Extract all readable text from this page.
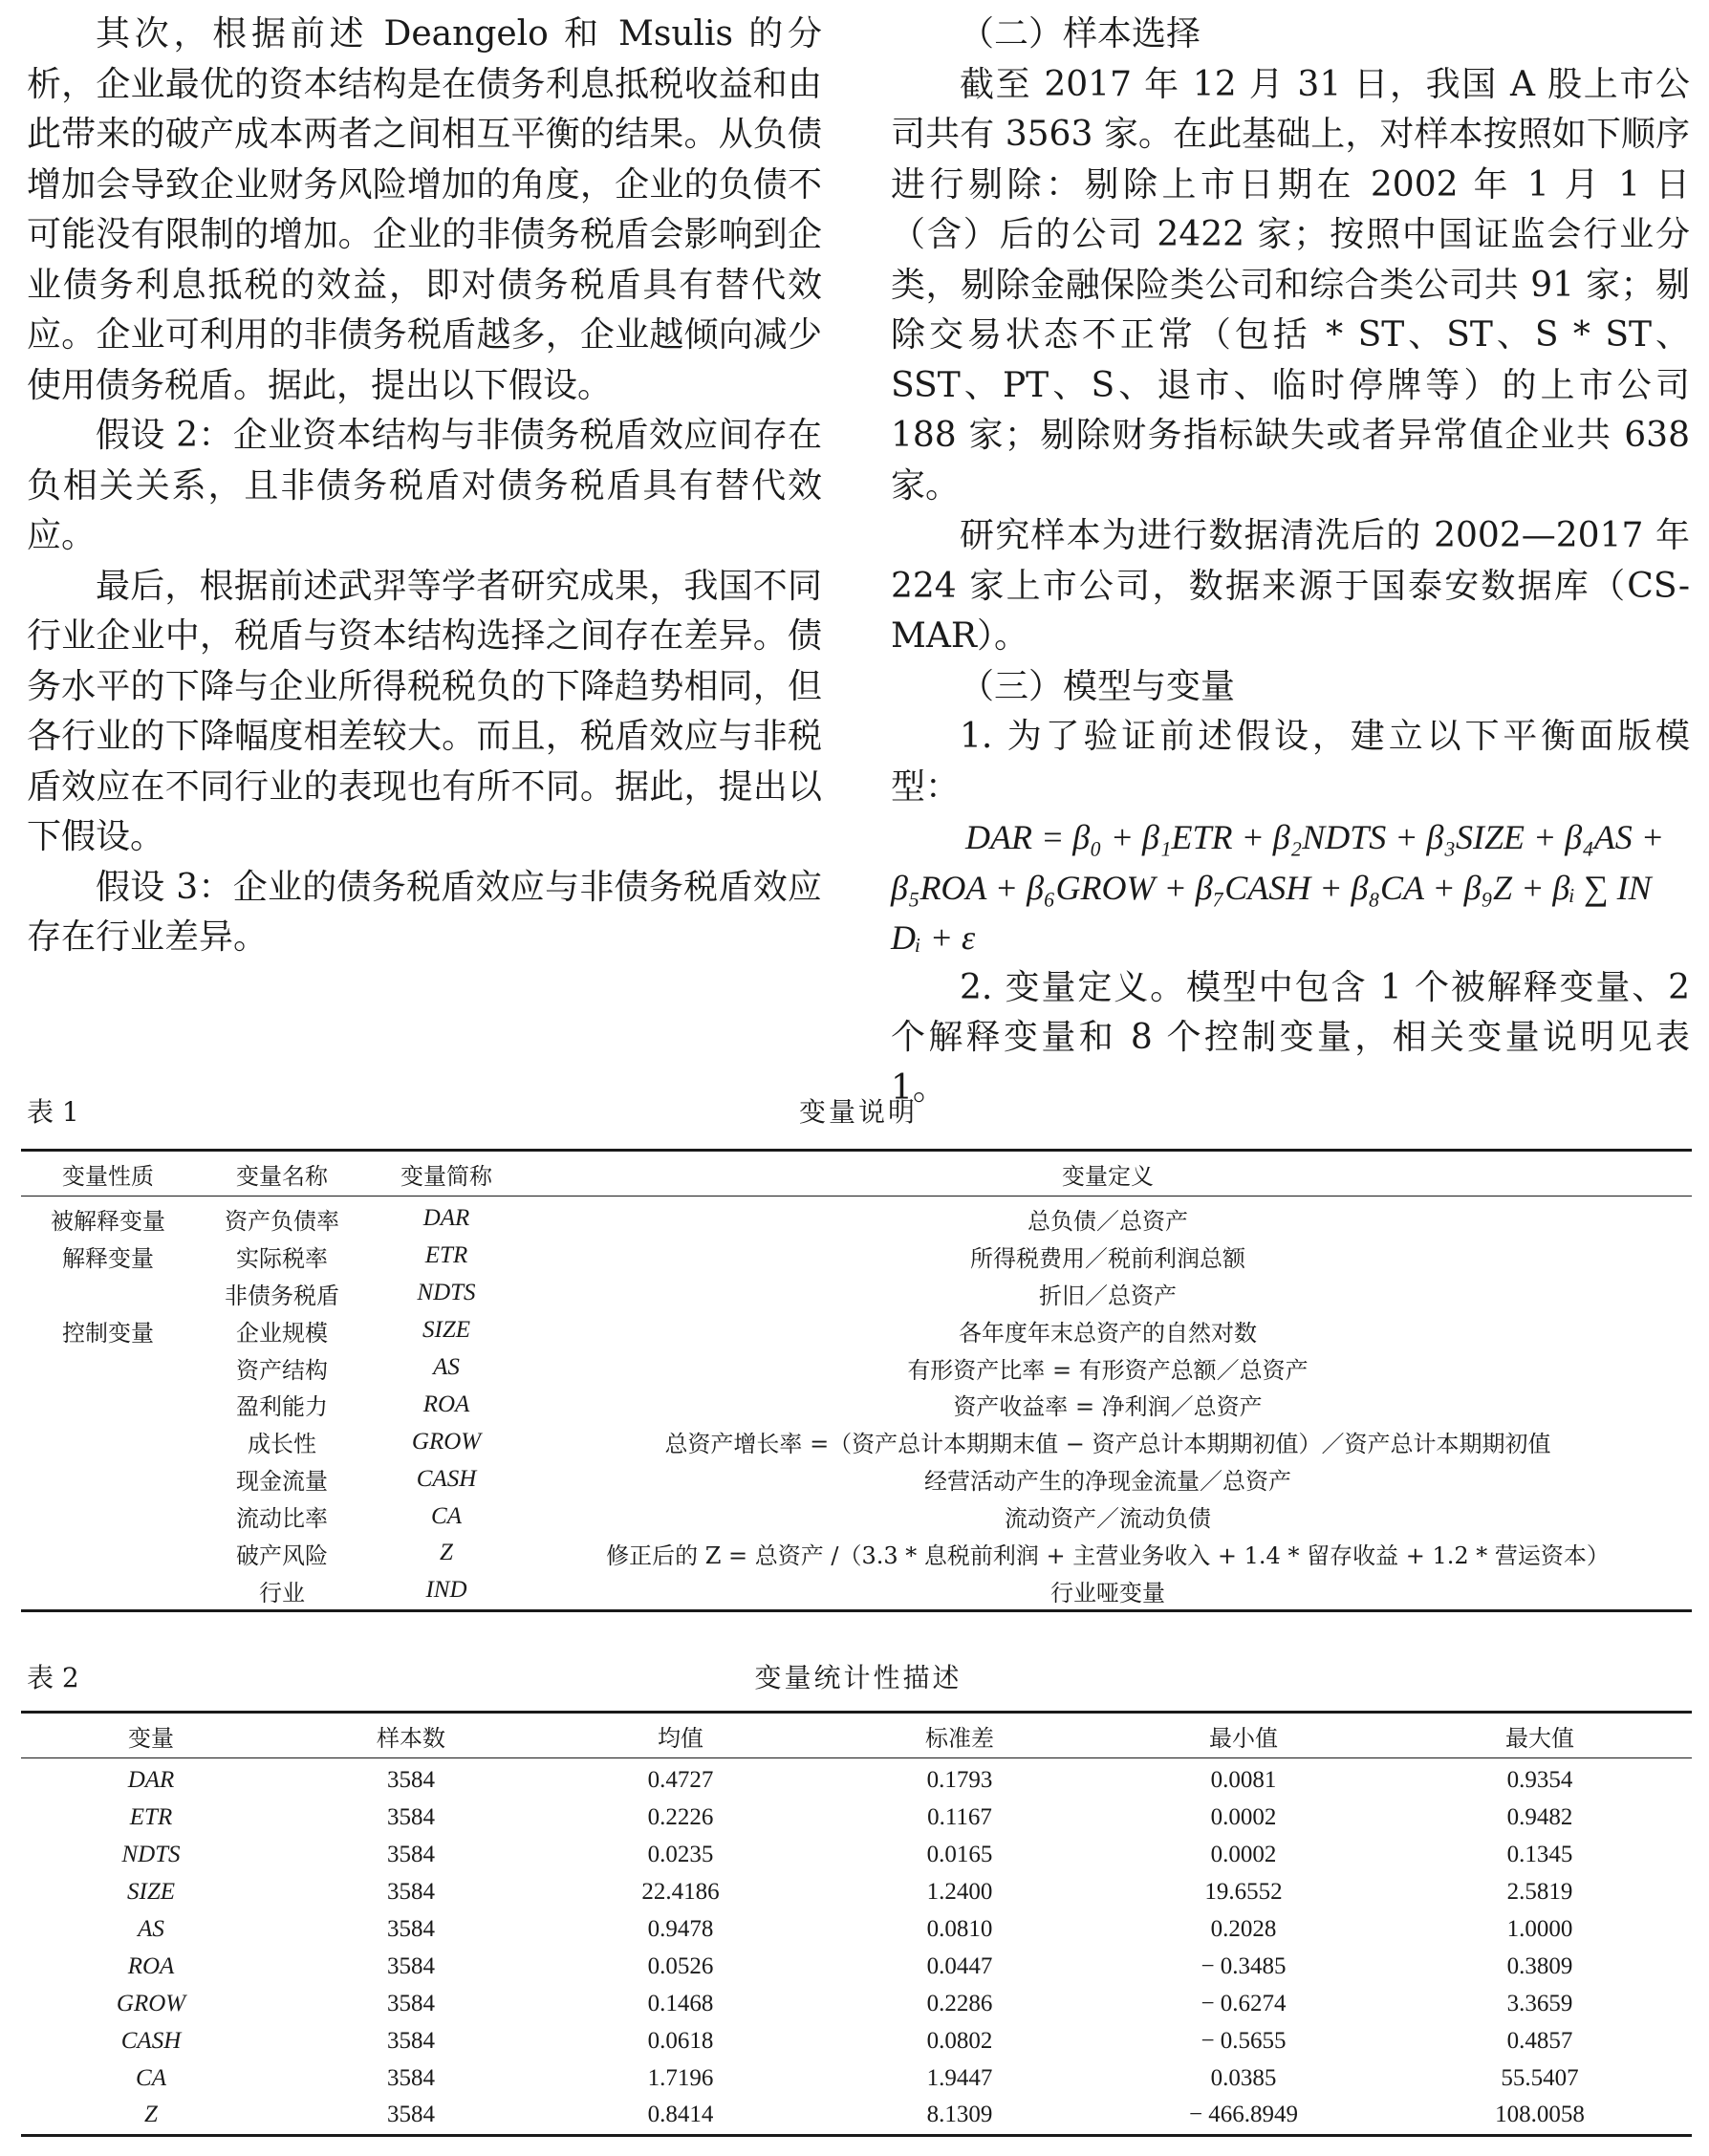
其次，根据前述 Deangelo 和 Msulis 的分析，企业最优的资本结构是在债务利息抵税收益和由此带来的破产成本两者之间相互平衡的结果。从负债增加会导致企业财务风险增加的角度，企业的负债不可能没有限制的增加。企业的非债务税盾会影响到企业债务利息抵税的效益，即对债务税盾具有替代效应。企业可利用的非债务税盾越多，企业越倾向减少使用债务税盾。据此，提出以下假设。

假设 2：企业资本结构与非债务税盾效应间存在负相关关系，且非债务税盾对债务税盾具有替代效应。

最后，根据前述武羿等学者研究成果，我国不同行业企业中，税盾与资本结构选择之间存在差异。债务水平的下降与企业所得税税负的下降趋势相同，但各行业的下降幅度相差较大。而且，税盾效应与非税盾效应在不同行业的表现也有所不同。据此，提出以下假设。

假设 3：企业的债务税盾效应与非债务税盾效应存在行业差异。

（二）样本选择

截至 2017 年 12 月 31 日，我国 A 股上市公司共有 3563 家。在此基础上，对样本按照如下顺序进行剔除：剔除上市日期在 2002 年 1 月 1 日（含）后的公司 2422 家；按照中国证监会行业分类，剔除金融保险类公司和综合类公司共 91 家；剔除交易状态不正常（包括 * ST、ST、S * ST、SST、PT、S、退市、临时停牌等）的上市公司 188 家；剔除财务指标缺失或者异常值企业共 638 家。

研究样本为进行数据清洗后的 2002—2017 年 224 家上市公司，数据来源于国泰安数据库（CS-MAR）。

（三）模型与变量

1. 为了验证前述假设，建立以下平衡面版模型：

DAR = β₀ + β₁ETR + β₂NDTS + β₃SIZE + β₄AS +
β₅ROA + β₆GROW + β₇CASH + β₈CA + β₉Z + βᵢ ∑ IN
Dᵢ + ε

2. 变量定义。模型中包含 1 个被解释变量、2 个解释变量和 8 个控制变量，相关变量说明见表 1。

表 1	变量说明
变量性质	变量名称	变量简称	变量定义
被解释变量	资产负债率	DAR	总负债／总资产
解释变量	实际税率	ETR	所得税费用／税前利润总额
	非债务税盾	NDTS	折旧／总资产
控制变量	企业规模	SIZE	各年度年末总资产的自然对数
	资产结构	AS	有形资产比率 = 有形资产总额／总资产
	盈利能力	ROA	资产收益率 = 净利润／总资产
	成长性	GROW	总资产增长率 =（资产总计本期期末值 − 资产总计本期期初值）／资产总计本期期初值
	现金流量	CASH	经营活动产生的净现金流量／总资产
	流动比率	CA	流动资产／流动负债
	破产风险	Z	修正后的 Z = 总资产 /（3.3 * 息税前利润 + 主营业务收入 + 1.4 * 留存收益 + 1.2 * 营运资本）
	行业	IND	行业哑变量
表 2	变量统计性描述
变量	样本数	均值	标准差	最小值	最大值
DAR	3584	0.4727	0.1793	0.0081	0.9354
ETR	3584	0.2226	0.1167	0.0002	0.9482
NDTS	3584	0.0235	0.0165	0.0002	0.1345
SIZE	3584	22.4186	1.2400	19.6552	2.5819
AS	3584	0.9478	0.0810	0.2028	1.0000
ROA	3584	0.0526	0.0447	− 0.3485	0.3809
GROW	3584	0.1468	0.2286	− 0.6274	3.3659
CASH	3584	0.0618	0.0802	− 0.5655	0.4857
CA	3584	1.7196	1.9447	0.0385	55.5407
Z	3584	0.8414	8.1309	− 466.8949	108.0058
